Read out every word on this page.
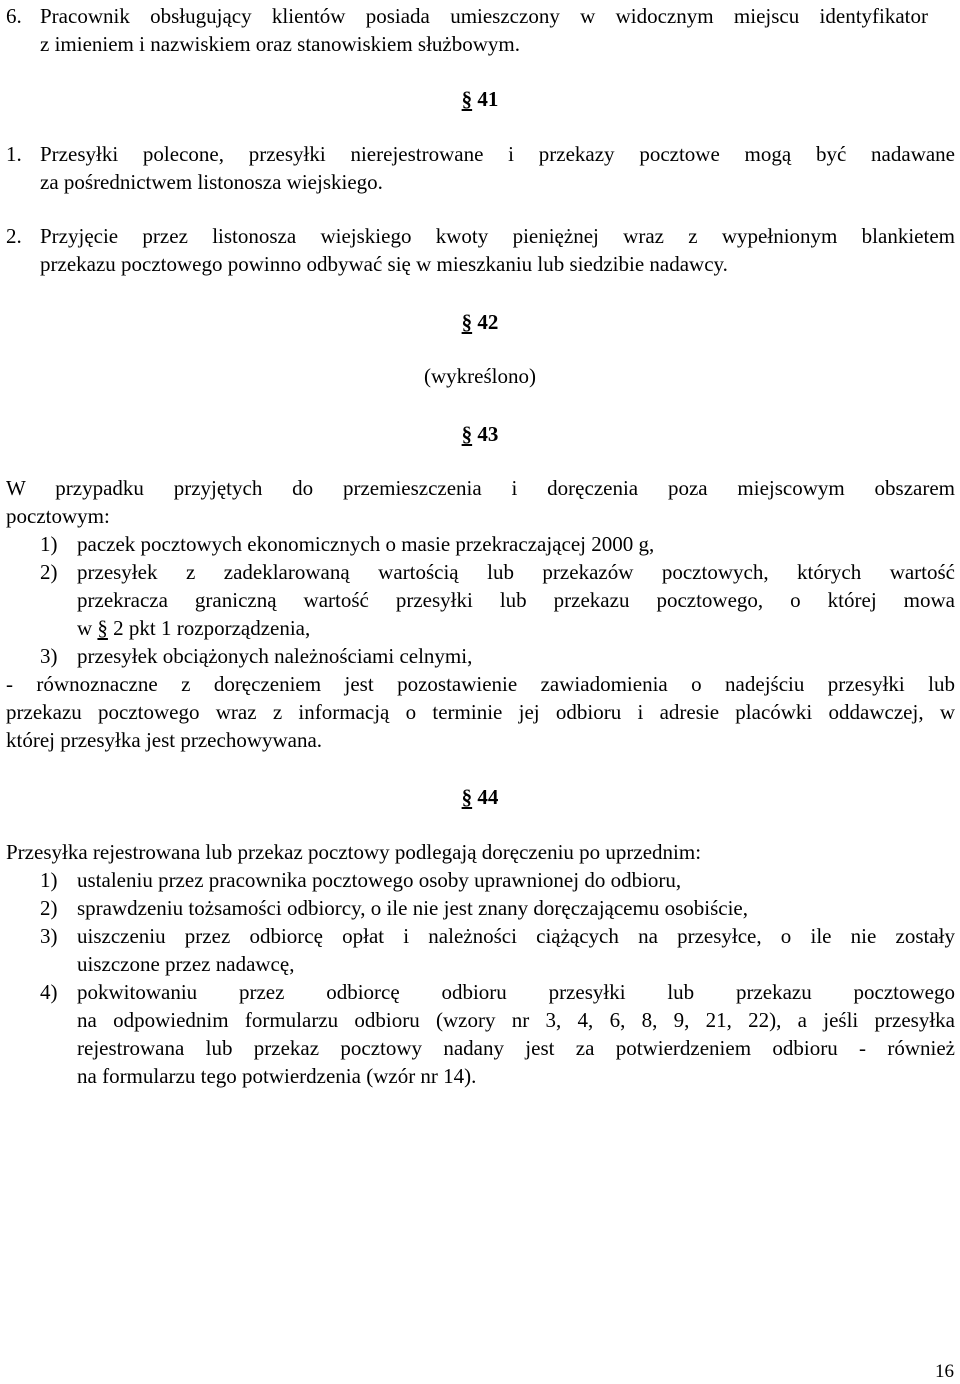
6. Pracownik obsługujący klientów posiada umieszczony w widocznym miejscu identyfikator
z imieniem i nazwiskiem oraz stanowiskiem służbowym.
§ 41
1. Przesyłki polecone, przesyłki nierejestrowane i przekazy pocztowe mogą być nadawane
za pośrednictwem listonosza wiejskiego.
2. Przyjęcie przez listonosza wiejskiego kwoty pieniężnej wraz z wypełnionym blankietem
przekazu pocztowego powinno odbywać się w mieszkaniu lub siedzibie nadawcy.
§ 42
(wykreślono)
§ 43
W przypadku przyjętych do przemieszczenia i doręczenia poza miejscowym obszarem
pocztowym:
1) paczek pocztowych ekonomicznych o masie przekraczającej 2000 g,
2) przesyłek z zadeklarowaną wartością lub przekazów pocztowych, których wartość
przekracza graniczną wartość przesyłki lub przekazu pocztowego, o której mowa
w § 2 pkt 1 rozporządzenia,
3) przesyłek obciążonych należnościami celnymi,
- równoznaczne z doręczeniem jest pozostawienie zawiadomienia o nadejściu przesyłki lub
przekazu pocztowego wraz z informacją o terminie jej odbioru i adresie placówki oddawczej, w
której przesyłka jest przechowywana.
§ 44
Przesyłka rejestrowana lub przekaz pocztowy podlegają doręczeniu po uprzednim:
1) ustaleniu przez pracownika pocztowego osoby uprawnionej do odbioru,
2) sprawdzeniu tożsamości odbiorcy, o ile nie jest znany doręczającemu osobiście,
3) uiszczeniu przez odbiorcę opłat i należności ciążących na przesyłce, o ile nie zostały
uiszczone przez nadawcę,
4) pokwitowaniu przez odbiorcę odbioru przesyłki lub przekazu pocztowego
na odpowiednim formularzu odbioru (wzory nr 3, 4, 6, 8, 9, 21, 22), a jeśli przesyłka
rejestrowana lub przekaz pocztowy nadany jest za potwierdzeniem odbioru - również
na formularzu tego potwierdzenia (wzór nr 14).
16
